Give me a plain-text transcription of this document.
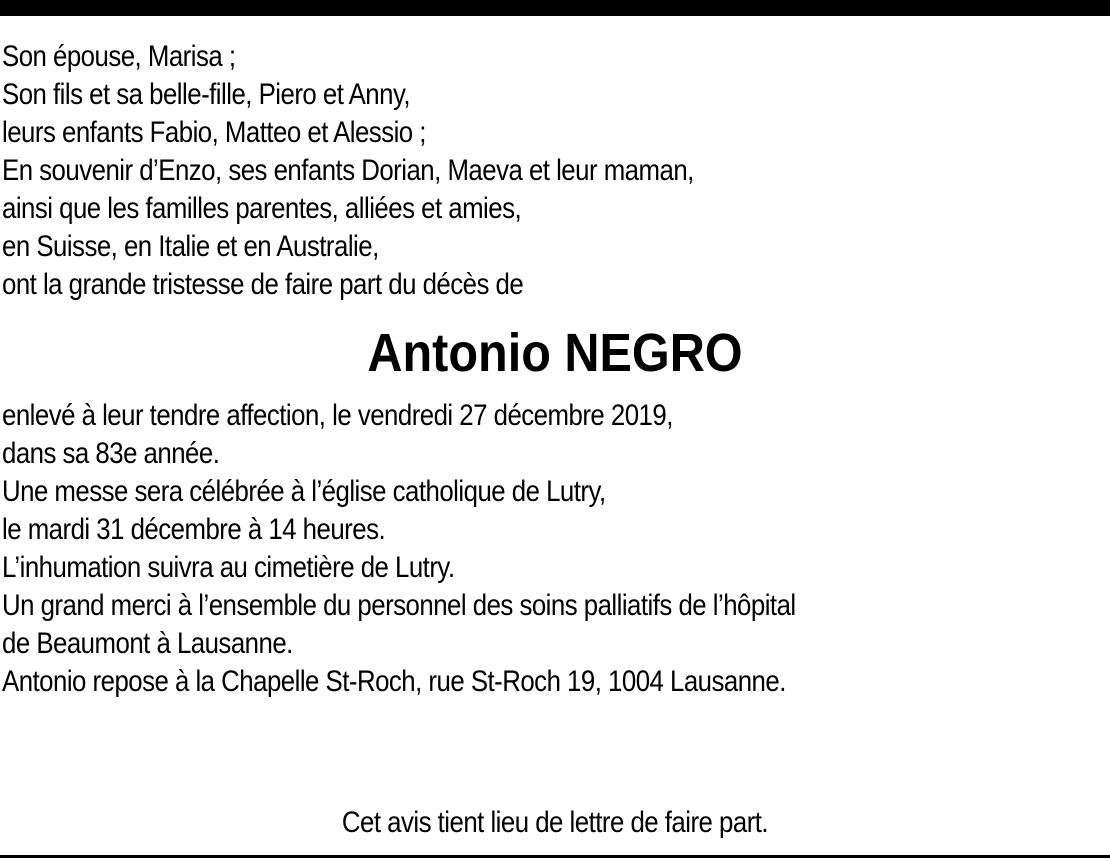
Son épouse, Marisa ;
Son fils et sa belle-fille, Piero et Anny,
leurs enfants Fabio, Matteo et Alessio ;
En souvenir d’Enzo, ses enfants Dorian, Maeva et leur maman,
ainsi que les familles parentes, alliées et amies,
en Suisse, en Italie et en Australie,
ont la grande tristesse de faire part du décès de
Antonio NEGRO
enlevé à leur tendre affection, le vendredi 27 décembre 2019,
dans sa 83e année.
Une messe sera célébrée à l’église catholique de Lutry,
le mardi 31 décembre à 14 heures.
L’inhumation suivra au cimetière de Lutry.
Un grand merci à l’ensemble du personnel des soins palliatifs de l’hôpital
de Beaumont à Lausanne.
Antonio repose à la Chapelle St-Roch, rue St-Roch 19, 1004 Lausanne.
Cet avis tient lieu de lettre de faire part.
